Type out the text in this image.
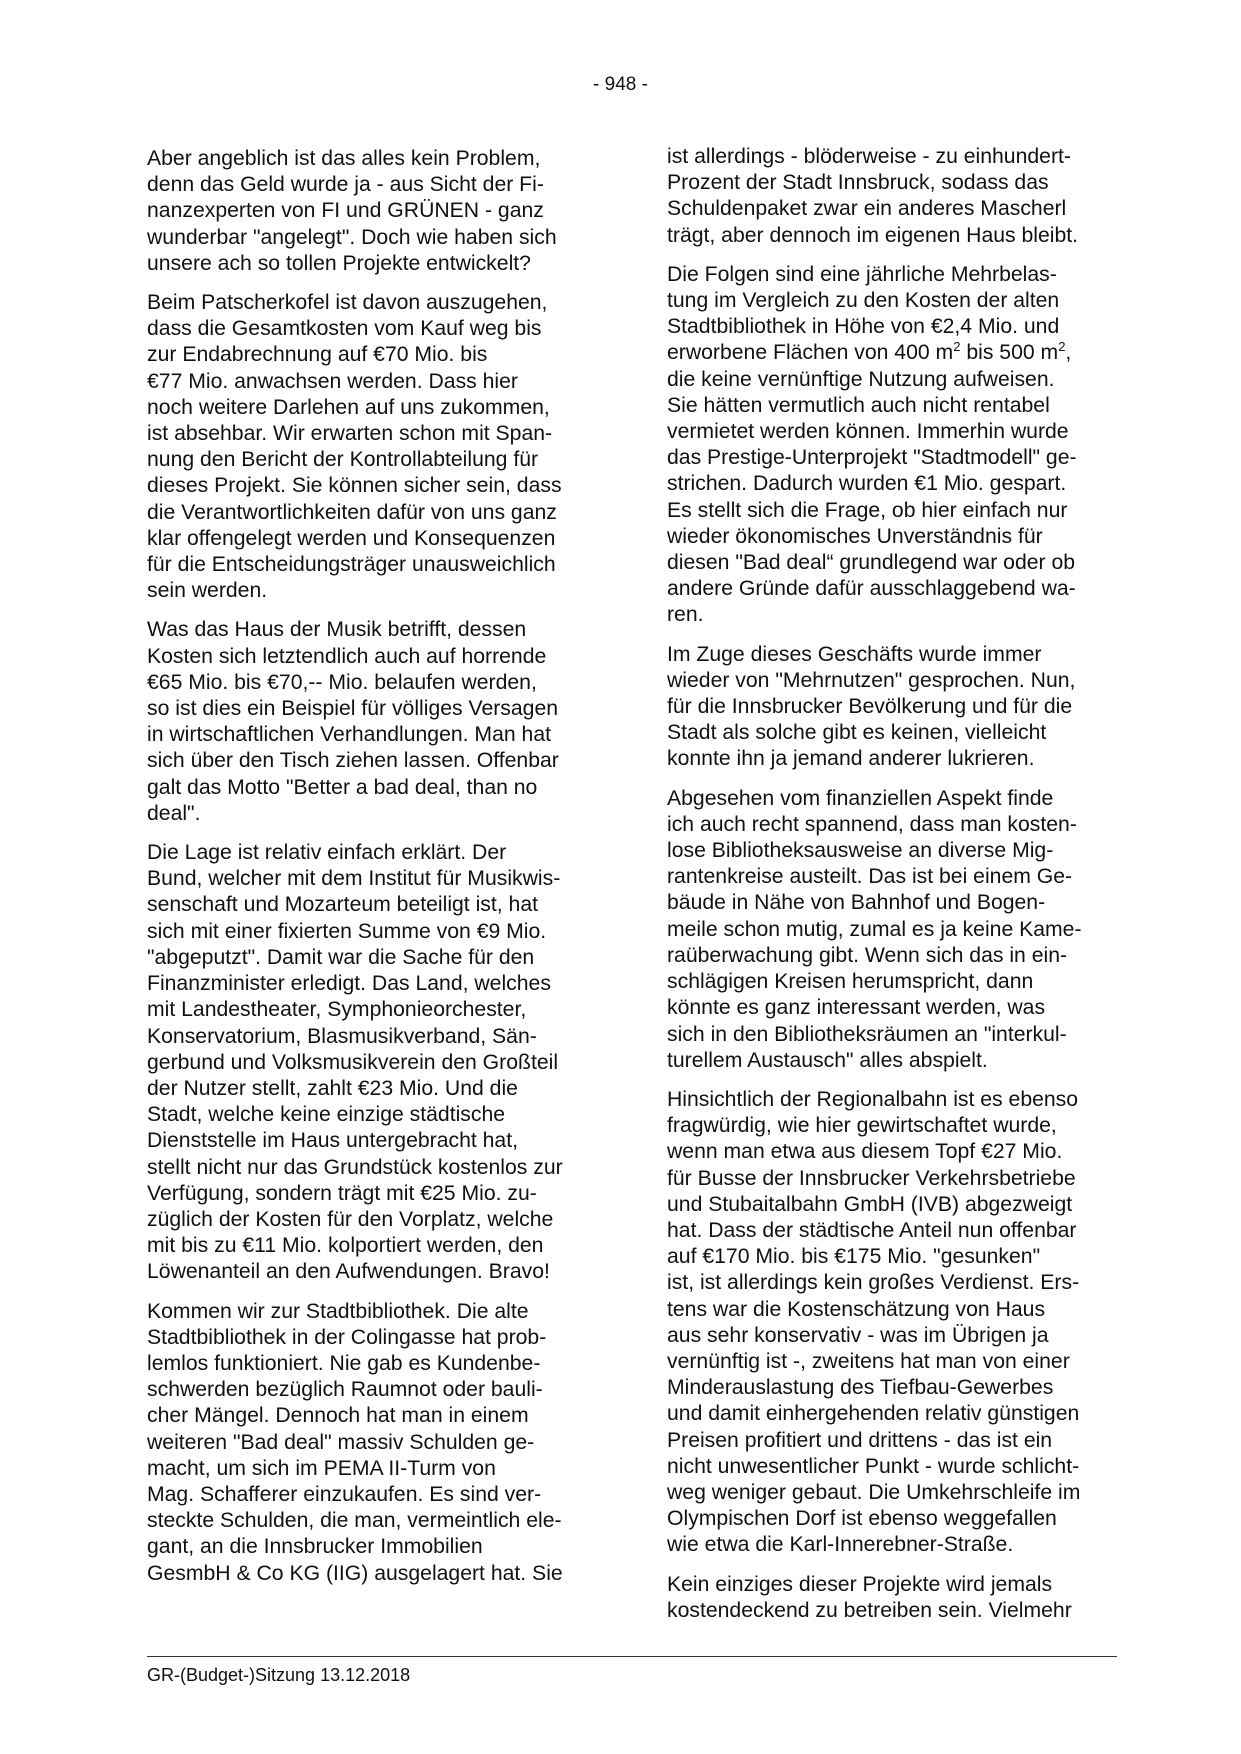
- 948 -

Aber angeblich ist das alles kein Problem,
denn das Geld wurde ja - aus Sicht der Fi-
nanzexperten von FI und GRÜNEN - ganz
wunderbar "angelegt". Doch wie haben sich
unsere ach so tollen Projekte entwickelt?

Beim Patscherkofel ist davon auszugehen,
dass die Gesamtkosten vom Kauf weg bis
zur Endabrechnung auf €70 Mio. bis
€77 Mio. anwachsen werden. Dass hier
noch weitere Darlehen auf uns zukommen,
ist absehbar. Wir erwarten schon mit Span-
nung den Bericht der Kontrollabteilung für
dieses Projekt. Sie können sicher sein, dass
die Verantwortlichkeiten dafür von uns ganz
klar offengelegt werden und Konsequenzen
für die Entscheidungsträger unausweichlich
sein werden.

Was das Haus der Musik betrifft, dessen
Kosten sich letztendlich auch auf horrende
€65 Mio. bis €70,-- Mio. belaufen werden,
so ist dies ein Beispiel für völliges Versagen
in wirtschaftlichen Verhandlungen. Man hat
sich über den Tisch ziehen lassen. Offenbar
galt das Motto "Better a bad deal, than no
deal".

Die Lage ist relativ einfach erklärt. Der
Bund, welcher mit dem Institut für Musikwis-
senschaft und Mozarteum beteiligt ist, hat
sich mit einer fixierten Summe von €9 Mio.
"abgeputzt". Damit war die Sache für den
Finanzminister erledigt. Das Land, welches
mit Landestheater, Symphonieorchester,
Konservatorium, Blasmusikverband, Sän-
gerbund und Volksmusikverein den Großteil
der Nutzer stellt, zahlt €23 Mio. Und die
Stadt, welche keine einzige städtische
Dienststelle im Haus untergebracht hat,
stellt nicht nur das Grundstück kostenlos zur
Verfügung, sondern trägt mit €25 Mio. zu-
züglich der Kosten für den Vorplatz, welche
mit bis zu €11 Mio. kolportiert werden, den
Löwenanteil an den Aufwendungen. Bravo!

Kommen wir zur Stadtbibliothek. Die alte
Stadtbibliothek in der Colingasse hat prob-
lemlos funktioniert. Nie gab es Kundenbe-
schwerden bezüglich Raumnot oder bauli-
cher Mängel. Dennoch hat man in einem
weiteren "Bad deal" massiv Schulden ge-
macht, um sich im PEMA II-Turm von
Mag. Schafferer einzukaufen. Es sind ver-
steckte Schulden, die man, vermeintlich ele-
gant, an die Innsbrucker Immobilien
GesmbH & Co KG (IIG) ausgelagert hat. Sie

ist allerdings - blöderweise - zu einhundert-
Prozent der Stadt Innsbruck, sodass das
Schuldenpaket zwar ein anderes Mascherl
trägt, aber dennoch im eigenen Haus bleibt.

Die Folgen sind eine jährliche Mehrbelas-
tung im Vergleich zu den Kosten der alten
Stadtbibliothek in Höhe von €2,4 Mio. und
erworbene Flächen von 400 $m^2$ bis 500 $m^2$,
die keine vernünftige Nutzung aufweisen.
Sie hätten vermutlich auch nicht rentabel
vermietet werden können. Immerhin wurde
das Prestige-Unterprojekt "Stadtmodell" ge-
strichen. Dadurch wurden €1 Mio. gespart.
Es stellt sich die Frage, ob hier einfach nur
wieder ökonomisches Unverständnis für
diesen "Bad deal“ grundlegend war oder ob
andere Gründe dafür ausschlaggebend wa-
ren.

Im Zuge dieses Geschäfts wurde immer
wieder von "Mehrnutzen" gesprochen. Nun,
für die Innsbrucker Bevölkerung und für die
Stadt als solche gibt es keinen, vielleicht
konnte ihn ja jemand anderer lukrieren.

Abgesehen vom finanziellen Aspekt finde
ich auch recht spannend, dass man kosten-
lose Bibliotheksausweise an diverse Mig-
rantenkreise austeilt. Das ist bei einem Ge-
bäude in Nähe von Bahnhof und Bogen-
meile schon mutig, zumal es ja keine Kame-
raüberwachung gibt. Wenn sich das in ein-
schlägigen Kreisen herumspricht, dann
könnte es ganz interessant werden, was
sich in den Bibliotheksräumen an "interkul-
turellem Austausch" alles abspielt.

Hinsichtlich der Regionalbahn ist es ebenso
fragwürdig, wie hier gewirtschaftet wurde,
wenn man etwa aus diesem Topf €27 Mio.
für Busse der Innsbrucker Verkehrsbetriebe
und Stubaitalbahn GmbH (IVB) abgezweigt
hat. Dass der städtische Anteil nun offenbar
auf €170 Mio. bis €175 Mio. "gesunken"
ist, ist allerdings kein großes Verdienst. Ers-
tens war die Kostenschätzung von Haus
aus sehr konservativ - was im Übrigen ja
vernünftig ist -, zweitens hat man von einer
Minderauslastung des Tiefbau-Gewerbes
und damit einhergehenden relativ günstigen
Preisen profitiert und drittens - das ist ein
nicht unwesentlicher Punkt - wurde schlicht-
weg weniger gebaut. Die Umkehrschleife im
Olympischen Dorf ist ebenso weggefallen
wie etwa die Karl-Innerebner-Straße.

Kein einziges dieser Projekte wird jemals
kostendeckend zu betreiben sein. Vielmehr

GR-(Budget-)Sitzung 13.12.2018
